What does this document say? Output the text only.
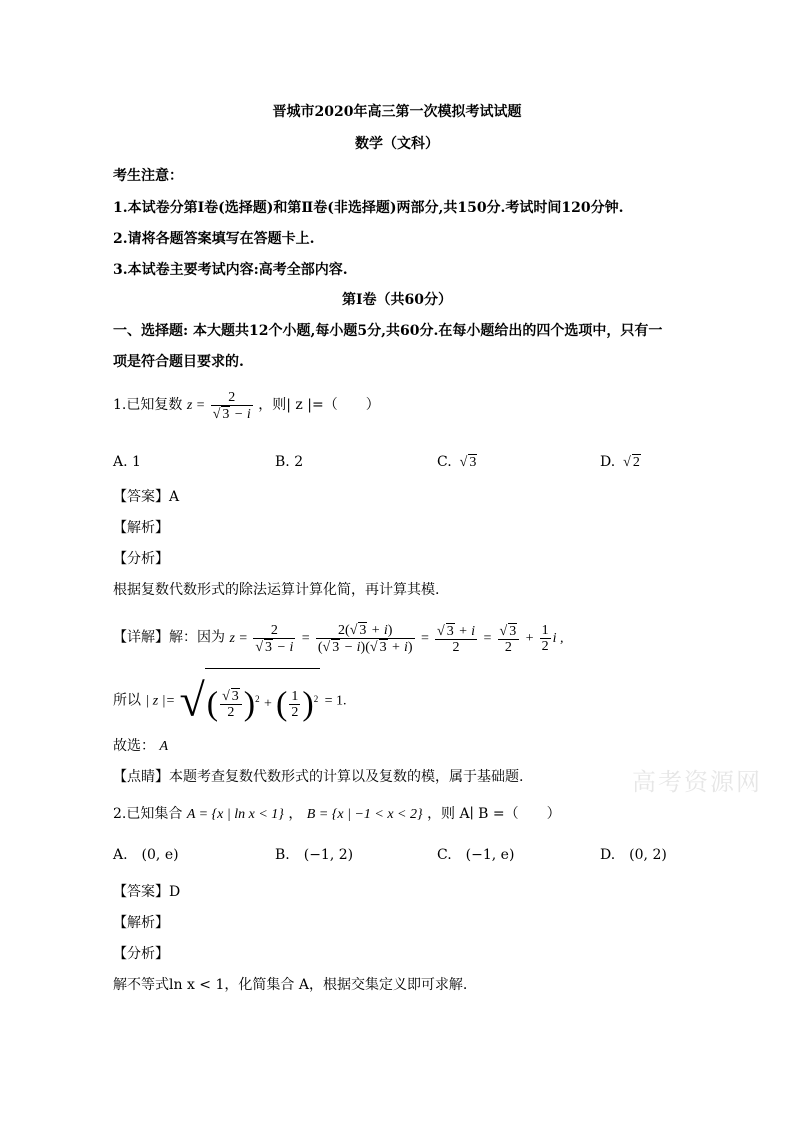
晋城市2020年高三第一次模拟考试试题
数学（文科）
考生注意：
1.本试卷分第Ⅰ卷(选择题)和第Ⅱ卷(非选择题)两部分,共150分.考试时间120分钟.
2.请将各题答案填写在答题卡上.
3.本试卷主要考试内容:高考全部内容.
第Ⅰ卷（共60分）
一、选择题: 本大题共12个小题,每小题5分,共60分.在每小题给出的四个选项中，只有一
项是符合题目要求的.
1.已知复数 $z = \frac{2}{√ 3 - i}$ ，则| z |=（　　）
A. 1	B. 2	C.  √ 3	D.  √ 2
【答案】A
【解析】
【分析】
根据复数代数形式的除法运算计算化简，再计算其模.
【详解】解：因为 $z = \frac{2}{√ 3 - i} = \frac{2(√ 3 + i)}{(√ 3 - i)(√ 3 + i)} = \frac{√ 3 + i}{2} = \frac{√ 3}{2} + \frac{1}{2}$ i ,
所以 | z |= √( $\frac{√ 3}{2} )^2$ + ( $\frac{1}{2} )^2 = 1$.
故选： A
【点睛】本题考查复数代数形式的计算以及复数的模，属于基础题.	高考资源网
2.已知集合 A = {x | ln x < 1} ， B = {x | −1 < x < 2} ，则 A∣ B =（　　）
A.　(0, e)	B.　(−1, 2)	C.　(−1, e)	D.　(0, 2)
【答案】D
【解析】
【分析】
解不等式ln x < 1，化简集合 A，根据交集定义即可求解.
